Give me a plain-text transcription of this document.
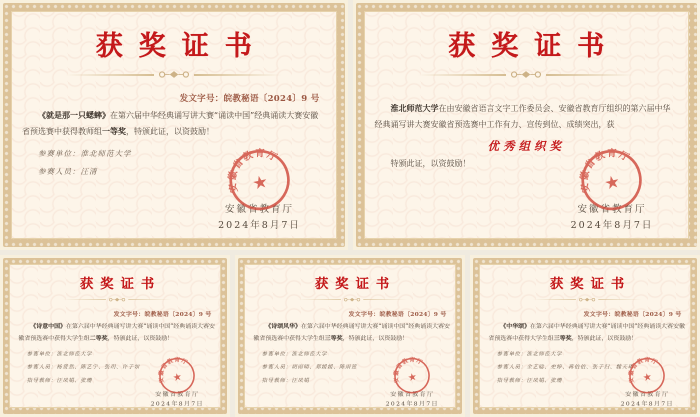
获奖证书
发文字号：皖教秘语〔2024〕9 号

《就是那一只蟋蟀》在第六届中华经典诵写讲大赛“诵读中国”经典诵读大赛安徽省预选赛中获得教师组一等奖，特颁此证，以资鼓励！

参赛单位：淮北师范大学
参赛人员：汪清
安徽省教育厅
2024年8月7日
安徽省教育厅
★
获奖证书

淮北师范大学在由安徽省语言文字工作委员会、安徽省教育厅组织的第六届中华经典诵写讲大赛安徽省预选赛中工作有力、宣传到位、成绩突出，获

优秀组织奖

特颁此证，以资鼓励！

安徽省教育厅
2024年8月7日
安徽省教育厅
★
获奖证书
发文字号：皖教秘语〔2024〕9 号

《诗意中国》在第六届中华经典诵写讲大赛“诵读中国”经典诵读大赛安徽省预选赛中获得大学生组二等奖，特颁此证，以资鼓励！

参赛单位：淮北师范大学
参赛人员：杨贤然、陈艺宁、张玥、许子如
指导教师：汪凤娟、张珊
安徽省教育厅
2024年8月7日
安徽省教育厅
★
获奖证书
发文字号：皖教秘语〔2024〕9 号

《诗颂风华》在第六届中华经典诵写讲大赛“诵读中国”经典诵读大赛安徽省预选赛中获得大学生组三等奖，特颁此证，以资鼓励！

参赛单位：淮北师范大学
参赛人员：胡雨晴、郑媛媛、陈雨萱
指导教师：汪凤娟
安徽省教育厅
2024年8月7日
安徽省教育厅
★
获奖证书
发文字号：皖教秘语〔2024〕9 号

《中华颂》在第六届中华经典诵写讲大赛“诵读中国”经典诵读大赛安徽省预选赛中获得大学生组三等奖，特颁此证，以资鼓励！

参赛单位：淮北师范大学
参赛人员：余艺晗、史婷、蒋依依、张子归、魏天琪
指导教师：汪凤娟、张珊
安徽省教育厅
2024年8月7日
安徽省教育厅
★
